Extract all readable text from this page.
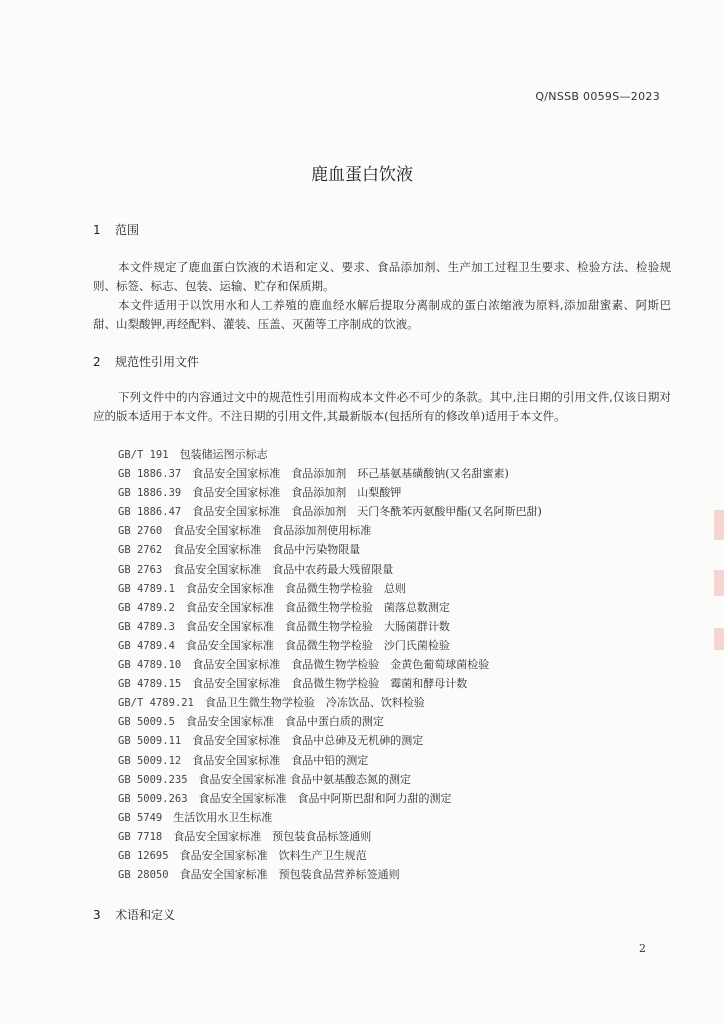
Q/NSSB 0059S—2023
鹿血蛋白饮液
1 范围
本文件规定了鹿血蛋白饮液的术语和定义、要求、食品添加剂、生产加工过程卫生要求、检验方法、检验规则、标签、标志、包装、运输、贮存和保质期。
本文件适用于以饮用水和人工养殖的鹿血经水解后提取分离制成的蛋白浓缩液为原料,添加甜蜜素、阿斯巴甜、山梨酸钾,再经配料、灌装、压盖、灭菌等工序制成的饮液。
2 规范性引用文件
下列文件中的内容通过文中的规范性引用而构成本文件必不可少的条款。其中,注日期的引用文件,仅该日期对应的版本适用于本文件。不注日期的引用文件,其最新版本(包括所有的修改单)适用于本文件。
GB/T 191　 包装储运图示标志
GB 1886.37　 食品安全国家标准　食品添加剂　环己基氨基磺酸钠(又名甜蜜素)
GB 1886.39　 食品安全国家标准　食品添加剂　山梨酸钾
GB 1886.47　 食品安全国家标准　食品添加剂　天门冬酰苯丙氨酸甲酯(又名阿斯巴甜)
GB 2760　 食品安全国家标准　食品添加剂使用标准
GB 2762　 食品安全国家标准　食品中污染物限量
GB 2763　 食品安全国家标准　食品中农药最大残留限量
GB 4789.1　 食品安全国家标准　食品微生物学检验　总则
GB 4789.2　 食品安全国家标准　食品微生物学检验　菌落总数测定
GB 4789.3　 食品安全国家标准　食品微生物学检验　大肠菌群计数
GB 4789.4　 食品安全国家标准　食品微生物学检验　沙门氏菌检验
GB 4789.10　 食品安全国家标准　食品微生物学检验　金黄色葡萄球菌检验
GB 4789.15　 食品安全国家标准　食品微生物学检验　霉菌和酵母计数
GB/T 4789.21　 食品卫生微生物学检验　冷冻饮品、饮料检验
GB 5009.5　 食品安全国家标准　食品中蛋白质的测定
GB 5009.11　 食品安全国家标准　食品中总砷及无机砷的测定
GB 5009.12　 食品安全国家标准　食品中铅的测定
GB 5009.235　 食品安全国家标准 食品中氨基酸态氮的测定
GB 5009.263　 食品安全国家标准　食品中阿斯巴甜和阿力甜的测定
GB 5749　 生活饮用水卫生标准
GB 7718　 食品安全国家标准　预包装食品标签通则
GB 12695　 食品安全国家标准　饮料生产卫生规范
GB 28050　 食品安全国家标准　预包装食品营养标签通则
3 术语和定义
2
